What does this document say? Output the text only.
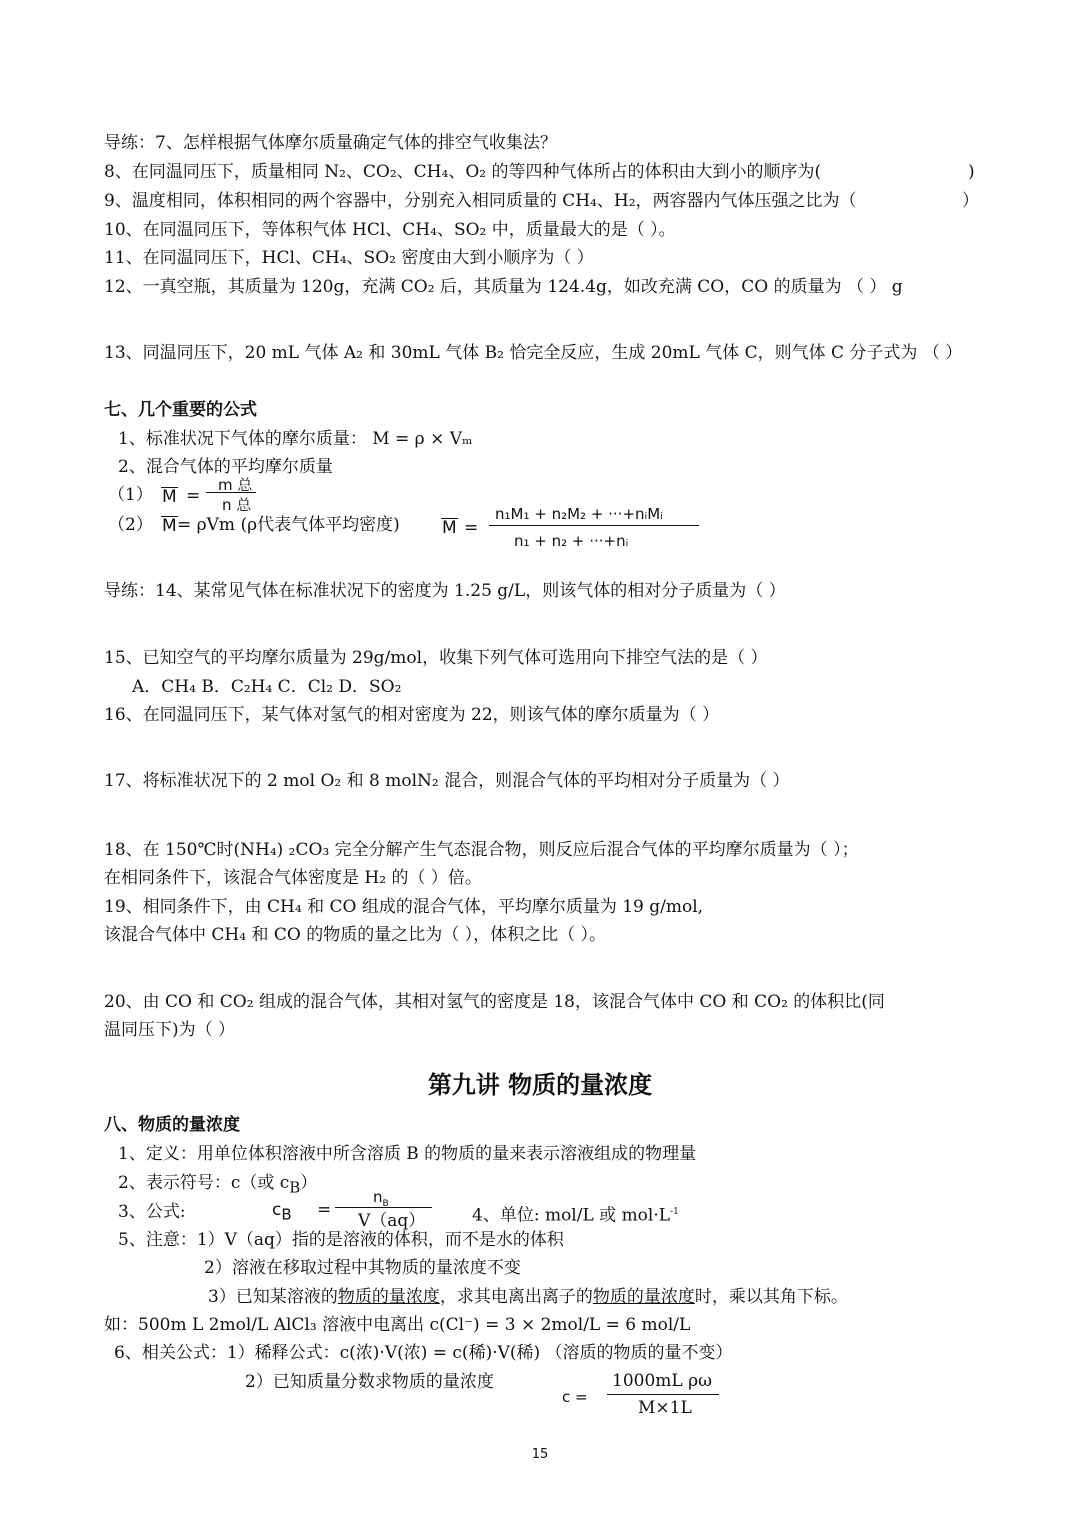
导练：7、怎样根据气体摩尔质量确定气体的排空气收集法？
8、在同温同压下，质量相同 N₂、CO₂、CH₄、O₂ 的等四种气体所占的体积由大到小的顺序为(	)
9、温度相同，体积相同的两个容器中，分别充入相同质量的 CH₄、H₂，两容器内气体压强之比为（	）
10、在同温同压下，等体积气体 HCl、CH₄、SO₂ 中，质量最大的是（ ）。
11、在同温同压下，HCl、CH₄、SO₂ 密度由大到小顺序为（ ）
12、一真空瓶，其质量为 120g，充满 CO₂ 后，其质量为 124.4g，如改充满 CO，CO 的质量为 （ ） g
13、同温同压下，20 mL 气体 A₂ 和 30mL 气体 B₂ 恰完全反应，生成 20mL 气体 C，则气体 C 分子式为 （ ）
七、几个重要的公式
1、标准状况下气体的摩尔质量： M = ρ × Vₘ
2、混合气体的平均摩尔质量
（1） M =
m 总
n 总
（2） M = ρVm (ρ代表气体平均密度) M =
n₁M₁ + n₂M₂ + ···+nᵢMᵢ
n₁ + n₂ + ···+nᵢ
导练：14、某常见气体在标准状况下的密度为 1.25 g/L，则该气体的相对分子质量为（ ）
15、已知空气的平均摩尔质量为 29g/mol，收集下列气体可选用向下排空气法的是（ ）
A．CH₄ B．C₂H₄ C．Cl₂ D．SO₂
16、在同温同压下，某气体对氢气的相对密度为 22，则该气体的摩尔质量为（ ）
17、将标准状况下的 2 mol O₂ 和 8 molN₂ 混合，则混合气体的平均相对分子质量为（ ）
18、在 150℃时(NH₄) ₂CO₃ 完全分解产生气态混合物，则反应后混合气体的平均摩尔质量为（ ）；
在相同条件下，该混合气体密度是 H₂ 的（ ）倍。
19、相同条件下，由 CH₄ 和 CO 组成的混合气体，平均摩尔质量为 19 g/mol,
该混合气体中 CH₄ 和 CO 的物质的量之比为（ ），体积之比（ ）。
20、由 CO 和 CO₂ 组成的混合气体，其相对氢气的密度是 18，该混合气体中 CO 和 CO₂ 的体积比(同
温同压下)为（ ）
第九讲 物质的量浓度
八、物质的量浓度
1、定义：用单位体积溶液中所含溶质 B 的物质的量来表示溶液组成的物理量
2、表示符号：c（或 $c_B$）
3、公式:	$c_B$ =
$n_B$
V（aq）	4、单位: mol/L 或 $mol\cdot L^{-1}$
5、注意：1）V（aq）指的是溶液的体积，而不是水的体积
2）溶液在移取过程中其物质的量浓度不变
3）已知某溶液的物质的量浓度，求其电离出离子的物质的量浓度时，乘以其角下标。
如：500m L 2mol/L AlCl₃ 溶液中电离出 c(Cl⁻) = 3 × 2mol/L = 6 mol/L
6、相关公式：1）稀释公式：c(浓)·V(浓) = c(稀)·V(稀) （溶质的物质的量不变）
2）已知质量分数求物质的量浓度
c =
1000mL ρω
M×1L
15
